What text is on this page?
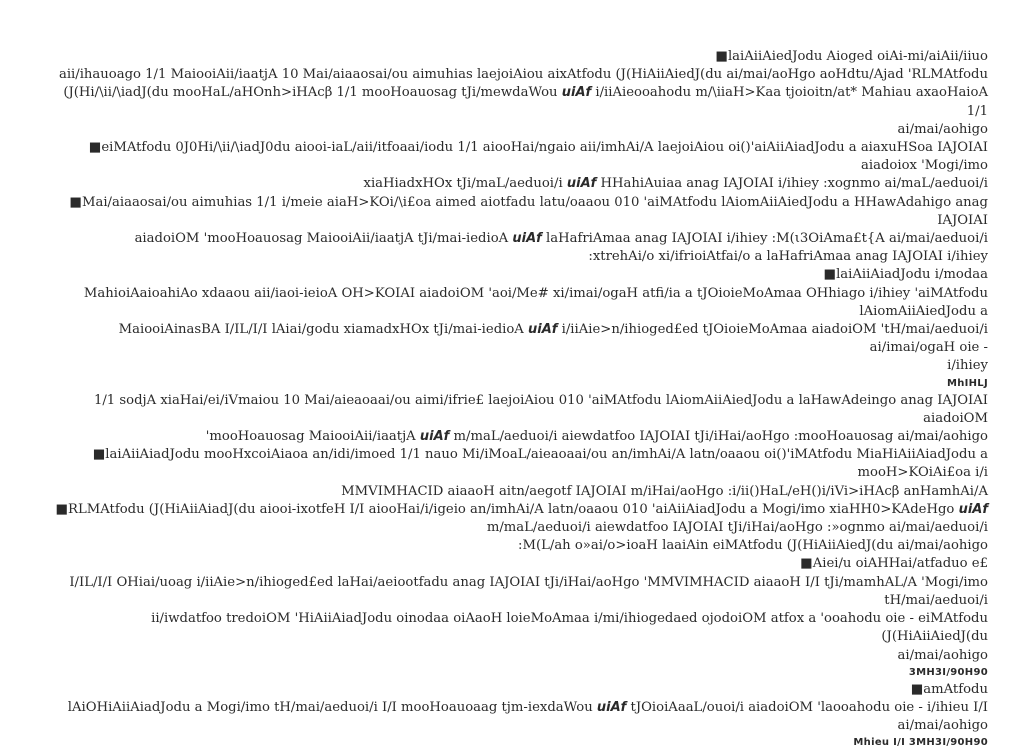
■laiAiiAiedJodu Aioged oiAi-mi/aiAii/iiuo

aii/ihauoago 1/1 MaiooiAii/iaatjA 10 Mai/aiaaosai/ou aimuhias laejoiAiou aixAtfodu (J(HiAiiAiedJ(du ai/mai/aoHgo aoHdtu/Ajad 'RLMAtfodu

(J(Hi/\ii/\iadJ(du mooHaL/aHOnh>iHAcβ 1/1 mooHoauosag tJi/mewdaWou uiAf i/iiAieooahodu m/\iiaH>Kaa tjoioitn/at* Mahiau axaoHaioA 1/1

ai/mai/aohigo

■eiMAtfodu 0J0Hi/\ii/\iadJ0du aiooi-iaL/aii/itfoaai/iodu 1/1 aiooHai/ngaio aii/imhAi/A laejoiAiou oi()'aiAiiAiadJodu a aiaxuHSoa IAJOIAI aiadoiox 'Mogi/imo

xiaHiadxHOx tJi/maL/aeduoi/i uiAf HHahiAuiaa anag IAJOIAI i/ihiey :xognmo ai/maL/aeduoi/i

■Mai/aiaaosai/ou aimuhias 1/1 i/meie aiaH>KOi/\i£oa aimed aiotfadu latu/oaaou 010 'aiMAtfodu lAiomAiiAiedJodu a HHawAdahigo anag IAJOIAI

aiadoiOM 'mooHoauosag MaiooiAii/iaatjA tJi/mai-iedioA uiAf laHafriAmaa anag IAJOIAI i/ihiey :M(ι3OiAma£t{A ai/mai/aeduoi/i

:xtrehAi/o xi/ifrioiAtfai/o a laHafriAmaa anag IAJOIAI i/ihiey

■laiAiiAiadJodu i/modaa

MahioiAaioahiAo xdaaou aii/iaoi-ieioA OH>KOIAI aiadoiOM 'aoi/Me# xi/imai/ogaH atfi/ia a tJOioieMoAmaa OHhiago i/ihiey 'aiMAtfodu lAiomAiiAiedJodu a

MaiooiAinasBA I/IL/I/I lAiai/godu xiamadxHOx tJi/mai-iedioA uiAf i/iiAie>n/ihioged£ed tJOioieMoAmaa aiadoiOM 'tH/mai/aeduoi/i ai/imai/ogaH oie -

i/ihiey

MhIHLJ

1/1 sodjA xiaHai/ei/iVmaiou 10 Mai/aieaoaai/ou aimi/ifrie£ laejoiAiou 010 'aiMAtfodu lAiomAiiAiedJodu a laHawAdeingo anag IAJOIAI aiadoiOM

'mooHoauosag MaiooiAii/iaatjA uiAf m/maL/aeduoi/i aiewdatfoo IAJOIAI tJi/iHai/aoHgo :mooHoauosag ai/mai/aohigo

■laiAiiAiadJodu mooHxcoiAiaoa an/idi/imoed 1/1 nauo Mi/iMoaL/aieaoaai/ou an/imhAi/A latn/oaaou oi()'iMAtfodu MiaHiAiiAiadJodu a mooH>KOiAi£oa i/i

MMVIMHACID aiaaoH aitn/aegotf IAJOIAI m/iHai/aoHgo :i/ii()HaL/eH()i/iVi>iHAcβ anHamhAi/A

■RLMAtfodu (J(HiAiiAiadJ(du aiooi-ixotfeH I/I aiooHai/i/igeio an/imhAi/A latn/oaaou 010 'aiAiiAiadJodu a Mogi/imo xiaHH0>KAdeHgo uiAf

m/maL/aeduoi/i aiewdatfoo IAJOIAI tJi/iHai/aoHgo :»ognmo ai/mai/aeduoi/i

:M(L/ah o»ai/o>ioaH laaiAin eiMAtfodu (J(HiAiiAiedJ(du ai/mai/aohigo

■Aiei/u oiAHHai/atfaduo e£

I/IL/I/I OHiai/uoag i/iiAie>n/ihioged£ed laHai/aeiootfadu anag IAJOIAI tJi/iHai/aoHgo 'MMVIMHACID aiaaoH I/I tJi/mamhAL/A 'Mogi/imo tH/mai/aeduoi/i

ii/iwdatfoo tredoiOM 'HiAiiAiadJodu oinodaa oiAaoH loieMoAmaa i/mi/ihiogedaed ojodoiOM atfox a 'ooahodu oie - eiMAtfodu (J(HiAiiAiedJ(du

ai/mai/aohigo

3MH3I/90H90

■amAtfodu

lAiOHiAiiAiadJodu a Mogi/imo tH/mai/aeduoi/i I/I mooHoauoaag tjm-iexdaWou uiAf tJOioiAaaL/ouoi/i aiadoiOM 'laooahodu oie - i/ihieu I/I ai/mai/aohigo

Mhieu I/I 3MH3I/90H90
